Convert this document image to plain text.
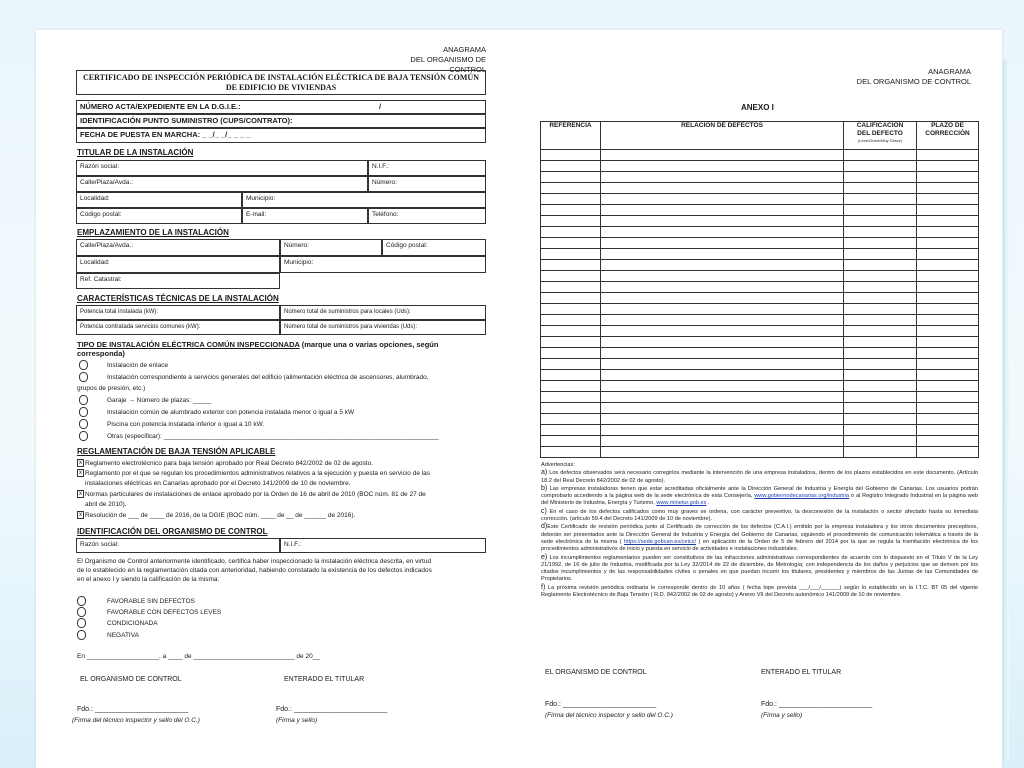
ANAGRAMA
DEL ORGANISMO DE CONTROL
CERTIFICADO DE INSPECCIÓN PERIÓDICA DE INSTALACIÓN ELÉCTRICA DE BAJA TENSIÓN COMÚN
DE EDIFICIO DE VIVIENDAS
NÚMERO ACTA/EXPEDIENTE EN LA D.G.I.E.:	/
IDENTIFICACIÓN PUNTO SUMINISTRO (CUPS/CONTRATO):
FECHA DE PUESTA EN MARCHA: _ _/_ _/_ _ _ _
TITULAR DE LA INSTALACIÓN
Razón social:	N.I.F.:
Calle/Plaza/Avda.:	Número:
Localidad:	Municipio:
Código postal:	E-mail:	Teléfono:
EMPLAZAMIENTO DE LA INSTALACIÓN
Calle/Plaza/Avda.:	Número:	Código postal:
Localidad:	Municipio:
Ref. Catastral:
CARACTERÍSTICAS TÉCNICAS DE LA INSTALACIÓN
Potencia total instalada (kW):	Número total de suministros para locales (Uds):
Potencia contratada servicios comunes (kW):	Número total de suministros para viviendas (Uds):
TIPO DE INSTALACIÓN ELÉCTRICA COMÚN INSPECCIONADA (marque una o varias opciones, según
corresponda)
Instalación de enlace
Instalación correspondiente a servicios generales del edificio (alimentación eléctrica de ascensores, alumbrado,
grupos de presión, etc.)
Garaje → Número de plazas: _____
Instalación común de alumbrado exterior con potencia instalada menor o igual a 5 kW
Piscina con potencia instalada inferior o igual a 10 kW.
Otras (especificar): ____________________________________________________________________________
REGLAMENTACIÓN DE BAJA TENSIÓN APLICABLE
x Reglamento electrotécnico para baja tensión aprobado por Real Decreto 842/2002 de 02 de agosto.
x Reglamento por el que se regulan los procedimientos administrativos relativos a la ejecución y puesta en servicio de las
instalaciones eléctricas en Canarias aprobado por el Decreto 141/2009 de 10 de noviembre.
x Normas particulares de instalaciones de enlace aprobado por la Orden de 16 de abril de 2010 (BOC núm. 81 de 27 de
abril de 2010).
x Resolución de ___ de ____ de 2016, de la DGIE (BOC núm. ____ de __ de ______ de 2016).
IDENTIFICACIÓN DEL ORGANISMO DE CONTROL
Razón social:	N.I.F.:
El Organismo de Control anteriormente identificado, certifica haber inspeccionado la instalación eléctrica descrita, en virtud
de lo establecido en la reglamentación citada con anterioridad, habiendo constatado la existencia de los defectos indicados
en el anexo I y siendo la calificación de la misma:
FAVORABLE SIN DEFECTOS
FAVORABLE CON DEFECTOS LEVES
CONDICIONADA
NEGATIVA
En ____________________, a ____ de ____________________________ de 20__
EL ORGANISMO DE CONTROL	ENTERADO EL TITULAR
Fdo.: ________________________	Fdo.: ________________________
(Firma del técnico inspector y sello del O.C.)	(Firma y sello)
ANAGRAMA
DEL ORGANISMO DE CONTROL
ANEXO I
REFERENCIA	RELACIÓN DE DEFECTOS	CALIFICACIÓN
DEL DEFECTO
(Leve/Grave/Muy Grave)	PLAZO DE
CORRECCIÓN

Advertencias:
a) Los defectos observados será necesario corregirlos mediante la intervención de una empresa instaladora, dentro de los plazos establecidos en este documento. (Artículo 18.2 del Real Decreto 842/2002 de 02 de agosto).
b) Las empresas instaladoras tienen que estar acreditadas oficialmente ante la Dirección General de Industria y Energía del Gobierno de Canarias. Los usuarios podrán comprobarlo accediendo a la página web de la sede electrónica de esta Consejería, www.gobiernodecanarias.org/industria o al Registro Integrado Industrial en la página web del Ministerio de Industria, Energía y Turismo, www.minetur.gob.es .
c) En el caso de los defectos calificados como muy graves se ordena, con carácter preventivo, la desconexión de la instalación o sector afectado hasta su inmediata corrección. (artículo 59.4 del Decreto 141/2009 de 10 de noviembre).
d)Este Certificado de revisión periódica junto al Certificado de corrección de los defectos (C.A.I.) emitido por la empresa instaladora y los otros documentos preceptivos, deberán ser presentados ante la Dirección General de Industria y Energía del Gobierno de Canarias, siguiendo el procedimiento de comunicación telemática a través de la sede electrónica de la misma ( https://sede.gobcan.es/ceicc/ ) en aplicación de la Orden de 5 de febrero del 2014 por la que se regula la tramitación electrónica de los procedimientos administrativos de inicio y puesta en servicio de actividades e instalaciones industriales.
e) Los incumplimientos reglamentarios pueden ser constitutivos de las infracciones administrativas correspondientes de acuerdo con lo dispuesto en el Título V de la Ley 21/1992, de 16 de julio de Industria, modificada por la Ley 32/2014 de 22 de diciembre, de Metrología; con independencia de los daños y perjuicios que se deriven por los citados incumplimientos y de las responsabilidades civiles o penales en que puedan incurrir los titulares, presidentes y miembros de las Juntas de las Comunidades de Propietarios.
f) La próxima revisión periódica ordinaria le corresponde dentro de 10 años ( fecha tope prevista ___/___/______) según lo establecido en la I.T.C. BT 05 del vigente Reglamento Electrotécnico de Baja Tensión ( R.D. 842/2002 de 02 de agosto) y Anexo VII del Decreto autonómico 141/2009 de 10 de noviembre.
EL ORGANISMO DE CONTROL	ENTERADO EL TITULAR
Fdo.: ________________________	Fdo.: ________________________
(Firma del técnico inspector y sello del O.C.)	(Firma y sello)
